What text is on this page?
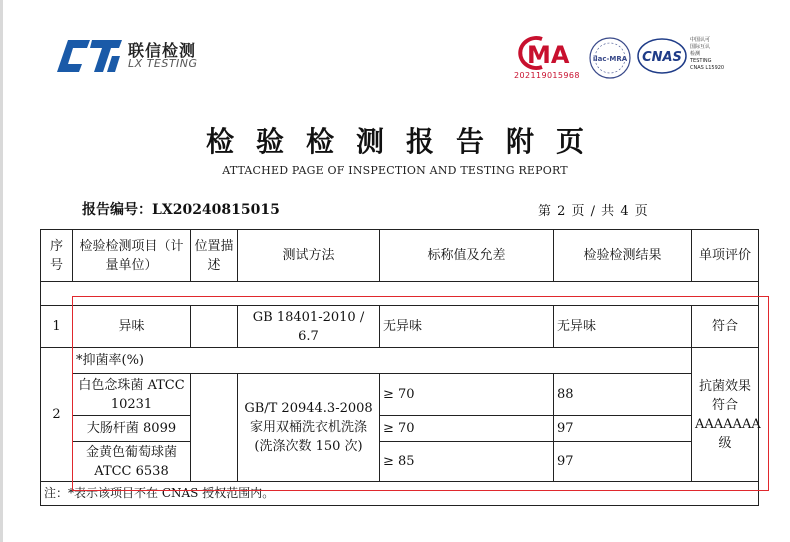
联信检测
LX TESTING	MA
202119015968
ilac-MRA CNAS
中国认可
国际互认
检测
TESTING
CNAS L15920
检验检测报告附页
ATTACHED PAGE OF INSPECTION AND TESTING REPORT
报告编号：LX20240815015	第 2 页 / 共 4 页
序号	检验检测项目（计量单位）	位置描述	测试方法	标称值及允差	检验检测结果	单项评价

1	异味		GB 18401-2010 / 6.7	无异味	无异味	符合
2	*抑菌率(%)					抗菌效果符合AAAAAAA级
	白色念珠菌 ATCC 10231		GB/T 20944.3-2008 家用双桶洗衣机洗涤 (洗涤次数 150 次)	≥ 70	88	
	大肠杆菌 8099			≥ 70	97	
	金黄色葡萄球菌 ATCC 6538			≥ 85	97	
注：*表示该项目不在 CNAS 授权范围内。						
